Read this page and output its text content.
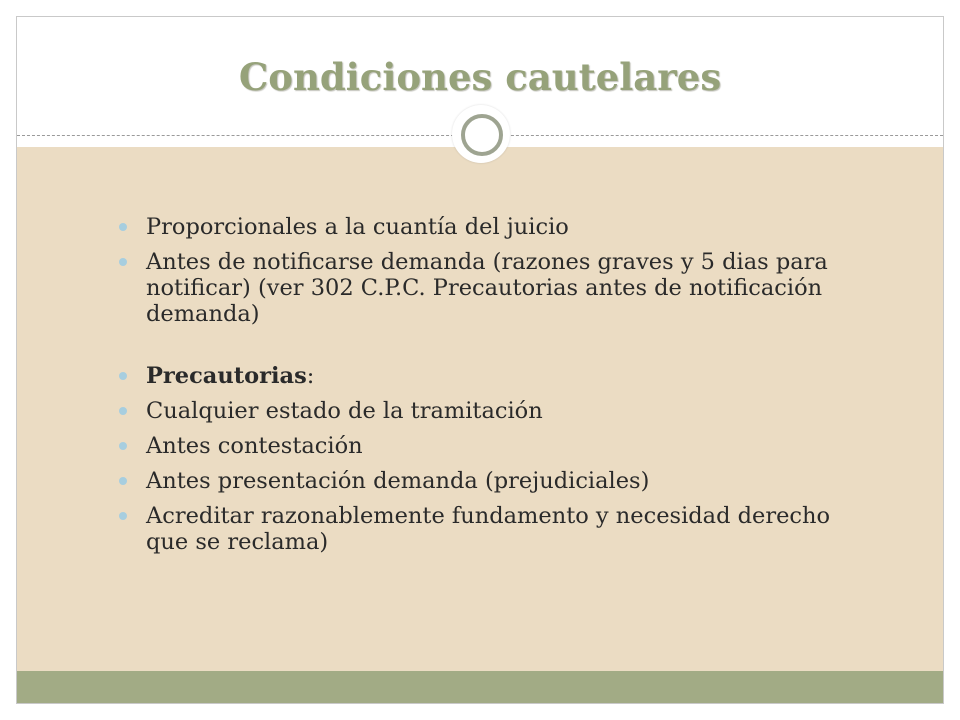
Condiciones cautelares
Proporcionales a la cuantía del juicio
Antes de notificarse demanda (razones graves y 5 dias para notificar) (ver 302 C.P.C. Precautorias antes de notificación demanda)
Precautorias:
Cualquier estado de la tramitación
Antes contestación
Antes presentación demanda (prejudiciales)
Acreditar razonablemente fundamento y necesidad derecho que se reclama)
